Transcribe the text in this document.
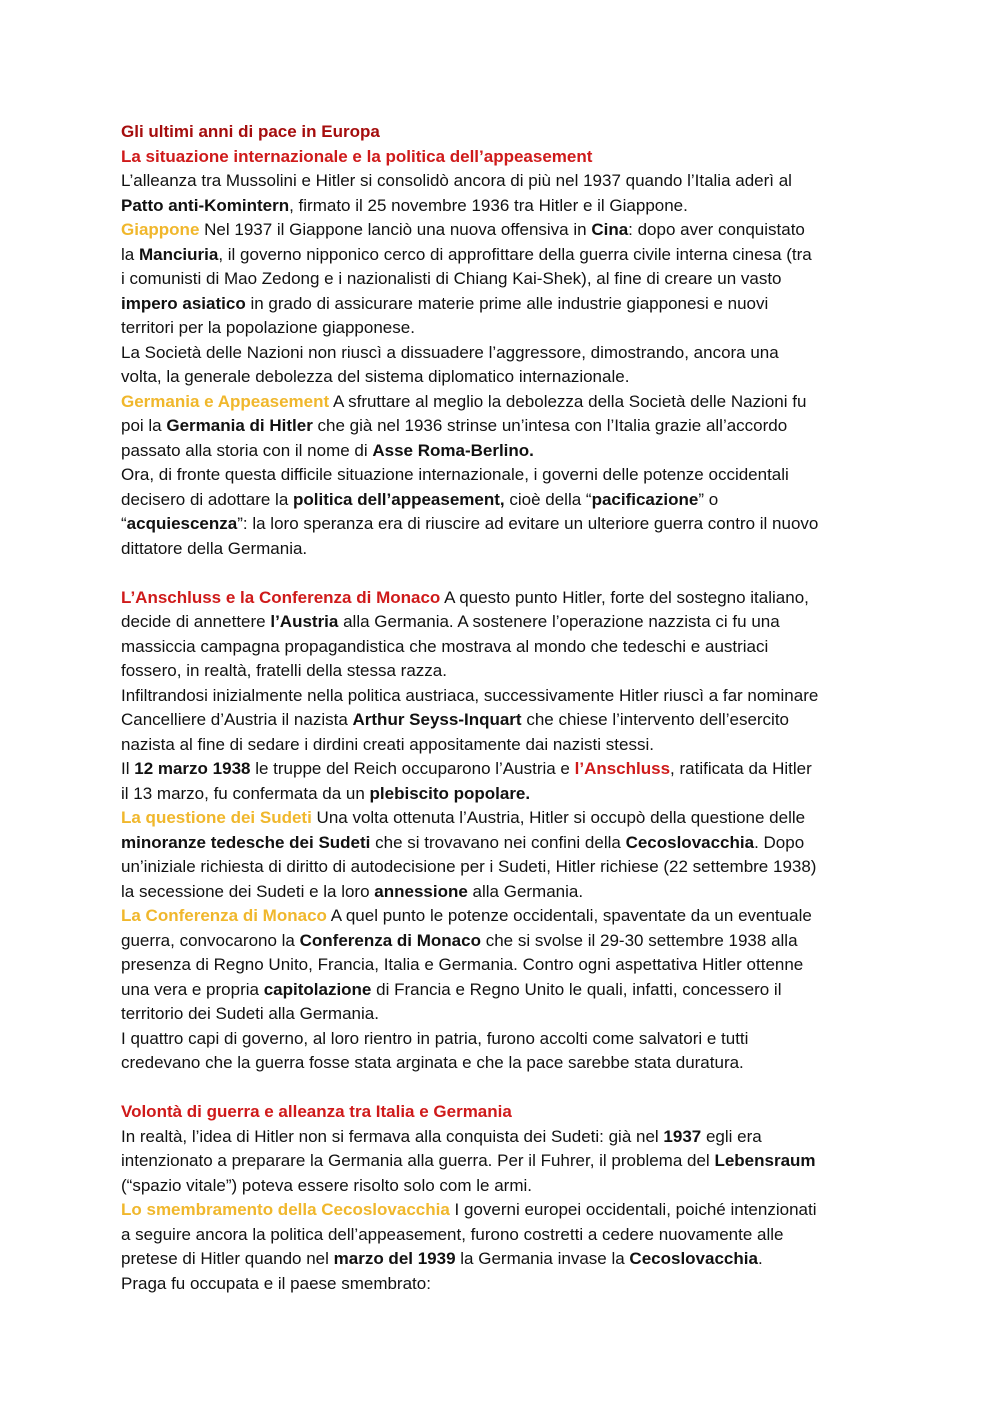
Gli ultimi anni di pace in Europa
La situazione internazionale e la politica dell’appeasement
L’alleanza tra Mussolini e Hitler si consolidò ancora di più nel 1937 quando l’Italia aderì al
Patto anti-Komintern, firmato il 25 novembre 1936 tra Hitler e il Giappone.
Giappone Nel 1937 il Giappone lanciò una nuova offensiva in Cina: dopo aver conquistato
la Manciuria, il governo nipponico cerco di approfittare della guerra civile interna cinesa (tra
i comunisti di Mao Zedong e i nazionalisti di Chiang Kai-Shek), al fine di creare un vasto
impero asiatico in grado di assicurare materie prime alle industrie giapponesi e nuovi
territori per la popolazione giapponese.
La Società delle Nazioni non riuscì a dissuadere l’aggressore, dimostrando, ancora una
volta, la generale debolezza del sistema diplomatico internazionale.
Germania e Appeasement A sfruttare al meglio la debolezza della Società delle Nazioni fu
poi la Germania di Hitler che già nel 1936 strinse un’intesa con l’Italia grazie all’accordo
passato alla storia con il nome di Asse Roma-Berlino.
Ora, di fronte questa difficile situazione internazionale, i governi delle potenze occidentali
decisero di adottare la politica dell’appeasement, cioè della “pacificazione” o
“acquiescenza”: la loro speranza era di riuscire ad evitare un ulteriore guerra contro il nuovo
dittatore della Germania.
L’Anschluss e la Conferenza di Monaco A questo punto Hitler, forte del sostegno italiano,
decide di annettere l’Austria alla Germania. A sostenere l’operazione nazzista ci fu una
massiccia campagna propagandistica che mostrava al mondo che tedeschi e austriaci
fossero, in realtà, fratelli della stessa razza.
Infiltrandosi inizialmente nella politica austriaca, successivamente Hitler riuscì a far nominare
Cancelliere d’Austria il nazista Arthur Seyss-Inquart che chiese l’intervento dell’esercito
nazista al fine di sedare i dirdini creati appositamente dai nazisti stessi.
Il 12 marzo 1938 le truppe del Reich occuparono l’Austria e l’Anschluss, ratificata da Hitler
il 13 marzo, fu confermata da un plebiscito popolare.
La questione dei Sudeti Una volta ottenuta l’Austria, Hitler si occupò della questione delle
minoranze tedesche dei Sudeti che si trovavano nei confini della Cecoslovacchia. Dopo
un’iniziale richiesta di diritto di autodecisione per i Sudeti, Hitler richiese (22 settembre 1938)
la secessione dei Sudeti e la loro annessione alla Germania.
La Conferenza di Monaco A quel punto le potenze occidentali, spaventate da un eventuale
guerra, convocarono la Conferenza di Monaco che si svolse il 29-30 settembre 1938 alla
presenza di Regno Unito, Francia, Italia e Germania. Contro ogni aspettativa Hitler ottenne
una vera e propria capitolazione di Francia e Regno Unito le quali, infatti, concessero il
territorio dei Sudeti alla Germania.
I quattro capi di governo, al loro rientro in patria, furono accolti come salvatori e tutti
credevano che la guerra fosse stata arginata e che la pace sarebbe stata duratura.
Volontà di guerra e alleanza tra Italia e Germania
In realtà, l’idea di Hitler non si fermava alla conquista dei Sudeti: già nel 1937 egli era
intenzionato a preparare la Germania alla guerra. Per il Fuhrer, il problema del Lebensraum
(“spazio vitale”) poteva essere risolto solo com le armi.
Lo smembramento della Cecoslovacchia I governi europei occidentali, poiché intenzionati
a seguire ancora la politica dell’appeasement, furono costretti a cedere nuovamente alle
pretese di Hitler quando nel marzo del 1939 la Germania invase la Cecoslovacchia.
Praga fu occupata e il paese smembrato:
